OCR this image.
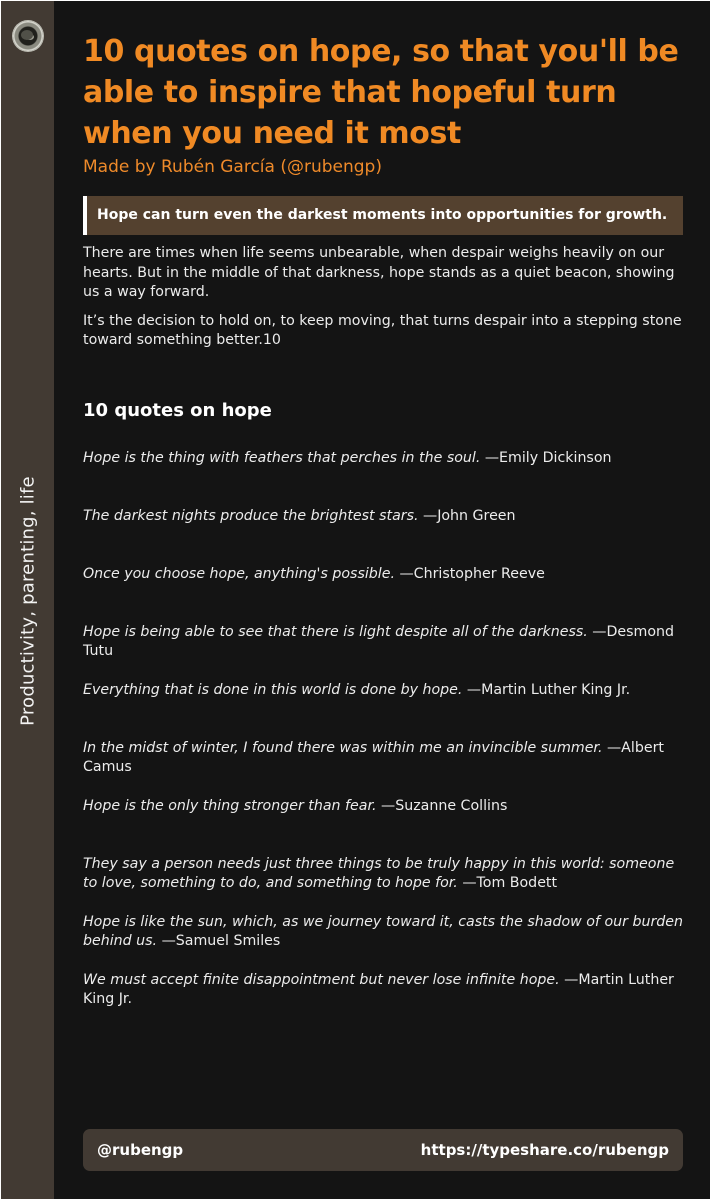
Productivity, parenting, life
10 quotes on hope, so that you'll be able to inspire that hopeful turn when you need it most

Made by Rubén García (@rubengp)

Hope can turn even the darkest moments into opportunities for growth.

There are times when life seems unbearable, when despair weighs heavily on our hearts. But in the middle of that darkness, hope stands as a quiet beacon, showing us a way forward.

It’s the decision to hold on, to keep moving, that turns despair into a stepping stone toward something better.10

10 quotes on hope
Hope is the thing with feathers that perches in the soul. —Emily Dickinson
The darkest nights produce the brightest stars. —John Green
Once you choose hope, anything's possible. —Christopher Reeve
Hope is being able to see that there is light despite all of the darkness. —Desmond Tutu
Everything that is done in this world is done by hope. —Martin Luther King Jr.
In the midst of winter, I found there was within me an invincible summer. —Albert Camus
Hope is the only thing stronger than fear. —Suzanne Collins
They say a person needs just three things to be truly happy in this world: someone to love, something to do, and something to hope for. —Tom Bodett
Hope is like the sun, which, as we journey toward it, casts the shadow of our burden behind us. —Samuel Smiles
We must accept finite disappointment but never lose infinite hope. —Martin Luther King Jr.
@rubengp	https://typeshare.co/rubengp
